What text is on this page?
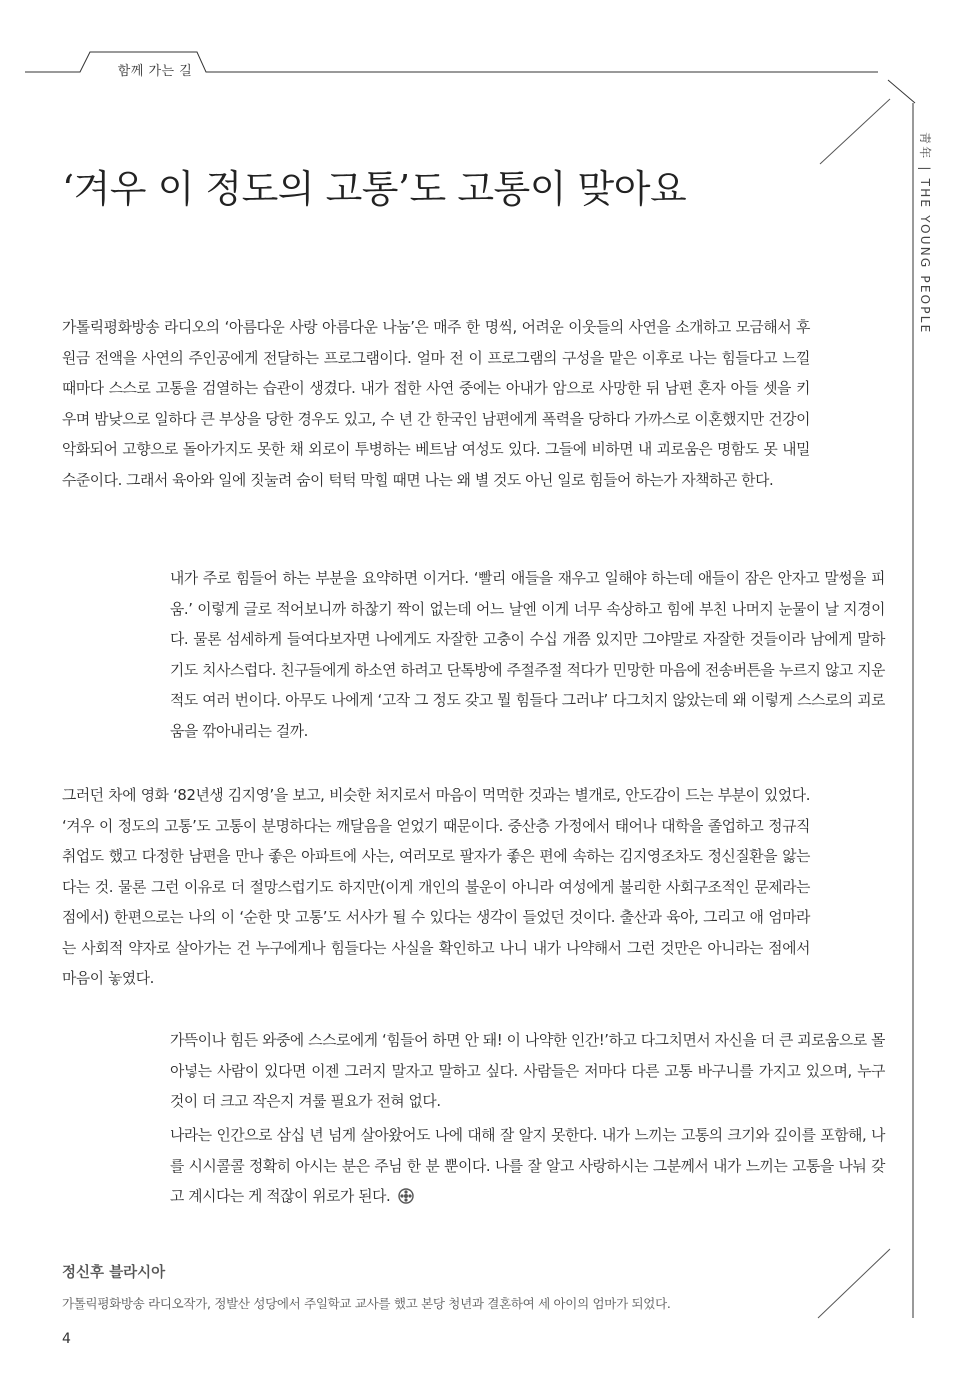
함께 가는 길
靑年 | THE YOUNG PEOPLE
‘겨우 이 정도의 고통’도 고통이 맞아요

가톨릭평화방송 라디오의 ‘아름다운 사랑 아름다운 나눔’은 매주 한 명씩, 어려운 이웃들의 사연을 소개하고 모금해서 후원금 전액을 사연의 주인공에게 전달하는 프로그램이다. 얼마 전 이 프로그램의 구성을 맡은 이후로 나는 힘들다고 느낄 때마다 스스로 고통을 검열하는 습관이 생겼다. 내가 접한 사연 중에는 아내가 암으로 사망한 뒤 남편 혼자 아들 셋을 키우며 밤낮으로 일하다 큰 부상을 당한 경우도 있고, 수 년 간 한국인 남편에게 폭력을 당하다 가까스로 이혼했지만 건강이 악화되어 고향으로 돌아가지도 못한 채 외로이 투병하는 베트남 여성도 있다. 그들에 비하면 내 괴로움은 명함도 못 내밀 수준이다. 그래서 육아와 일에 짓눌려 숨이 턱턱 막힐 때면 나는 왜 별 것도 아닌 일로 힘들어 하는가 자책하곤 한다.

내가 주로 힘들어 하는 부분을 요약하면 이거다. ‘빨리 애들을 재우고 일해야 하는데 애들이 잠은 안자고 말썽을 피움.’ 이렇게 글로 적어보니까 하찮기 짝이 없는데 어느 날엔 이게 너무 속상하고 힘에 부친 나머지 눈물이 날 지경이다. 물론 섬세하게 들여다보자면 나에게도 자잘한 고충이 수십 개쯤 있지만 그야말로 자잘한 것들이라 남에게 말하기도 치사스럽다. 친구들에게 하소연 하려고 단톡방에 주절주절 적다가 민망한 마음에 전송버튼을 누르지 않고 지운 적도 여러 번이다. 아무도 나에게 ‘고작 그 정도 갖고 뭘 힘들다 그러냐’ 다그치지 않았는데 왜 이렇게 스스로의 괴로움을 깎아내리는 걸까.

그러던 차에 영화 ‘82년생 김지영’을 보고, 비슷한 처지로서 마음이 먹먹한 것과는 별개로, 안도감이 드는 부분이 있었다. ‘겨우 이 정도의 고통’도 고통이 분명하다는 깨달음을 얻었기 때문이다. 중산층 가정에서 태어나 대학을 졸업하고 정규직 취업도 했고 다정한 남편을 만나 좋은 아파트에 사는, 여러모로 팔자가 좋은 편에 속하는 김지영조차도 정신질환을 앓는다는 것. 물론 그런 이유로 더 절망스럽기도 하지만(이게 개인의 불운이 아니라 여성에게 불리한 사회구조적인 문제라는 점에서) 한편으로는 나의 이 ‘순한 맛 고통’도 서사가 될 수 있다는 생각이 들었던 것이다. 출산과 육아, 그리고 애 엄마라는 사회적 약자로 살아가는 건 누구에게나 힘들다는 사실을 확인하고 나니 내가 나약해서 그런 것만은 아니라는 점에서 마음이 놓였다.

가뜩이나 힘든 와중에 스스로에게 ‘힘들어 하면 안 돼! 이 나약한 인간!’하고 다그치면서 자신을 더 큰 괴로움으로 몰아넣는 사람이 있다면 이젠 그러지 말자고 말하고 싶다. 사람들은 저마다 다른 고통 바구니를 가지고 있으며, 누구 것이 더 크고 작은지 겨룰 필요가 전혀 없다.

나라는 인간으로 삼십 년 넘게 살아왔어도 나에 대해 잘 알지 못한다. 내가 느끼는 고통의 크기와 깊이를 포함해, 나를 시시콜콜 정확히 아시는 분은 주님 한 분 뿐이다. 나를 잘 알고 사랑하시는 그분께서 내가 느끼는 고통을 나눠 갖고 계시다는 게 적잖이 위로가 된다.

정신후 블라시아
가톨릭평화방송 라디오작가, 정발산 성당에서 주일학교 교사를 했고 본당 청년과 결혼하여 세 아이의 엄마가 되었다.
4
